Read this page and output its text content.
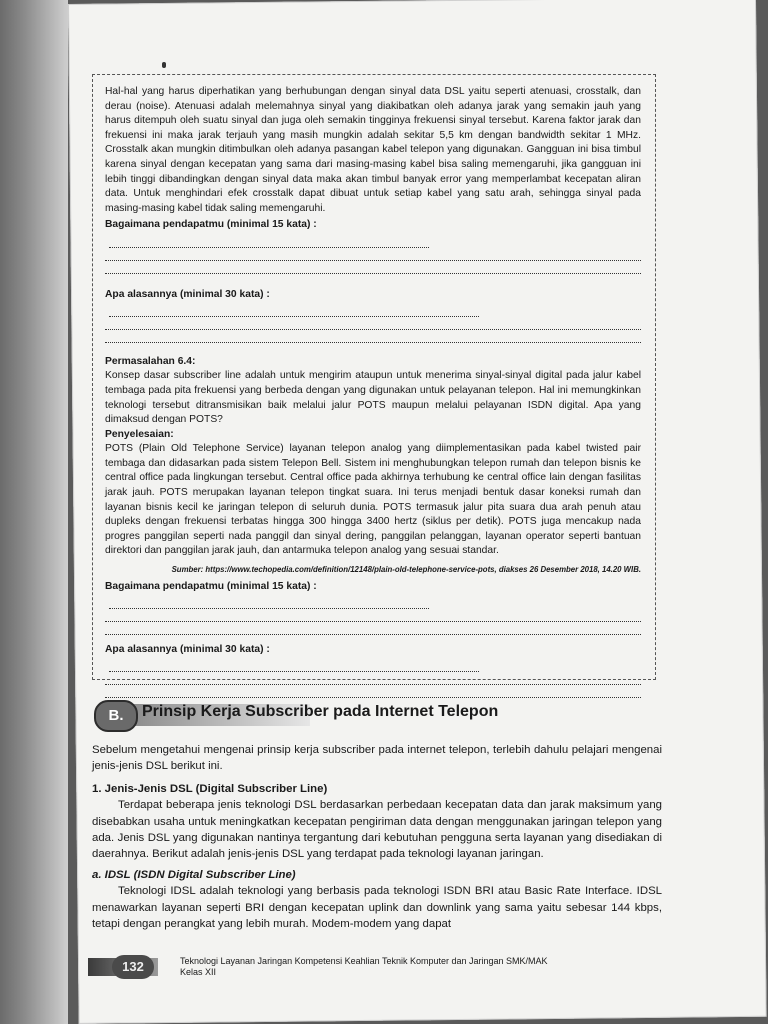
Hal-hal yang harus diperhatikan yang berhubungan dengan sinyal data DSL yaitu seperti atenuasi, crosstalk, dan derau (noise). Atenuasi adalah melemahnya sinyal yang diakibatkan oleh adanya jarak yang semakin jauh yang harus ditempuh oleh suatu sinyal dan juga oleh semakin tingginya frekuensi sinyal tersebut. Karena faktor jarak dan frekuensi ini maka jarak terjauh yang masih mungkin adalah sekitar 5,5 km dengan bandwidth sekitar 1 MHz. Crosstalk akan mungkin ditimbulkan oleh adanya pasangan kabel telepon yang digunakan. Gangguan ini bisa timbul karena sinyal dengan kecepatan yang sama dari masing-masing kabel bisa saling memengaruhi, jika gangguan ini lebih tinggi dibandingkan dengan sinyal data maka akan timbul banyak error yang memperlambat kecepatan aliran data. Untuk menghindari efek crosstalk dapat dibuat untuk setiap kabel yang satu arah, sehingga sinyal pada masing-masing kabel tidak saling memengaruhi.

Bagaimana pendapatmu (minimal 15 kata) :
Apa alasannya (minimal 30 kata) :
Permasalahan 6.4:

Konsep dasar subscriber line adalah untuk mengirim ataupun untuk menerima sinyal-sinyal digital pada jalur kabel tembaga pada pita frekuensi yang berbeda dengan yang digunakan untuk pelayanan telepon. Hal ini memungkinkan teknologi tersebut ditransmisikan baik melalui jalur POTS maupun melalui pelayanan ISDN digital. Apa yang dimaksud dengan POTS?

Penyelesaian:

POTS (Plain Old Telephone Service) layanan telepon analog yang diimplementasikan pada kabel twisted pair tembaga dan didasarkan pada sistem Telepon Bell. Sistem ini menghubungkan telepon rumah dan telepon bisnis ke central office pada lingkungan tersebut. Central office pada akhirnya terhubung ke central office lain dengan fasilitas jarak jauh. POTS merupakan layanan telepon tingkat suara. Ini terus menjadi bentuk dasar koneksi rumah dan layanan bisnis kecil ke jaringan telepon di seluruh dunia. POTS termasuk jalur pita suara dua arah penuh atau dupleks dengan frekuensi terbatas hingga 300 hingga 3400 hertz (siklus per detik). POTS juga mencakup nada progres panggilan seperti nada panggil dan sinyal dering, panggilan pelanggan, layanan operator seperti bantuan direktori dan panggilan jarak jauh, dan antarmuka telepon analog yang sesuai standar.

Sumber: https://www.techopedia.com/definition/12148/plain-old-telephone-service-pots, diakses 26 Desember 2018, 14.20 WIB.
Bagaimana pendapatmu (minimal 15 kata) :
Apa alasannya (minimal 30 kata) :
B.	Prinsip Kerja Subscriber pada Internet Telepon

Sebelum mengetahui mengenai prinsip kerja subscriber pada internet telepon, terlebih dahulu pelajari mengenai jenis-jenis DSL berikut ini.

1. Jenis-Jenis DSL (Digital Subscriber Line)

Terdapat beberapa jenis teknologi DSL berdasarkan perbedaan kecepatan data dan jarak maksimum yang disebabkan usaha untuk meningkatkan kecepatan pengiriman data dengan menggunakan jaringan telepon yang ada. Jenis DSL yang digunakan nantinya tergantung dari kebutuhan pengguna serta layanan yang disediakan di daerahnya. Berikut adalah jenis-jenis DSL yang terdapat pada teknologi layanan jaringan.

a. IDSL (ISDN Digital Subscriber Line)

Teknologi IDSL adalah teknologi yang berbasis pada teknologi ISDN BRI atau Basic Rate Interface. IDSL menawarkan layanan seperti BRI dengan kecepatan uplink dan downlink yang sama yaitu sebesar 144 kbps, tetapi dengan perangkat yang lebih murah. Modem-modem yang dapat

132	Teknologi Layanan Jaringan Kompetensi Keahlian Teknik Komputer dan Jaringan SMK/MAK
Kelas XII
